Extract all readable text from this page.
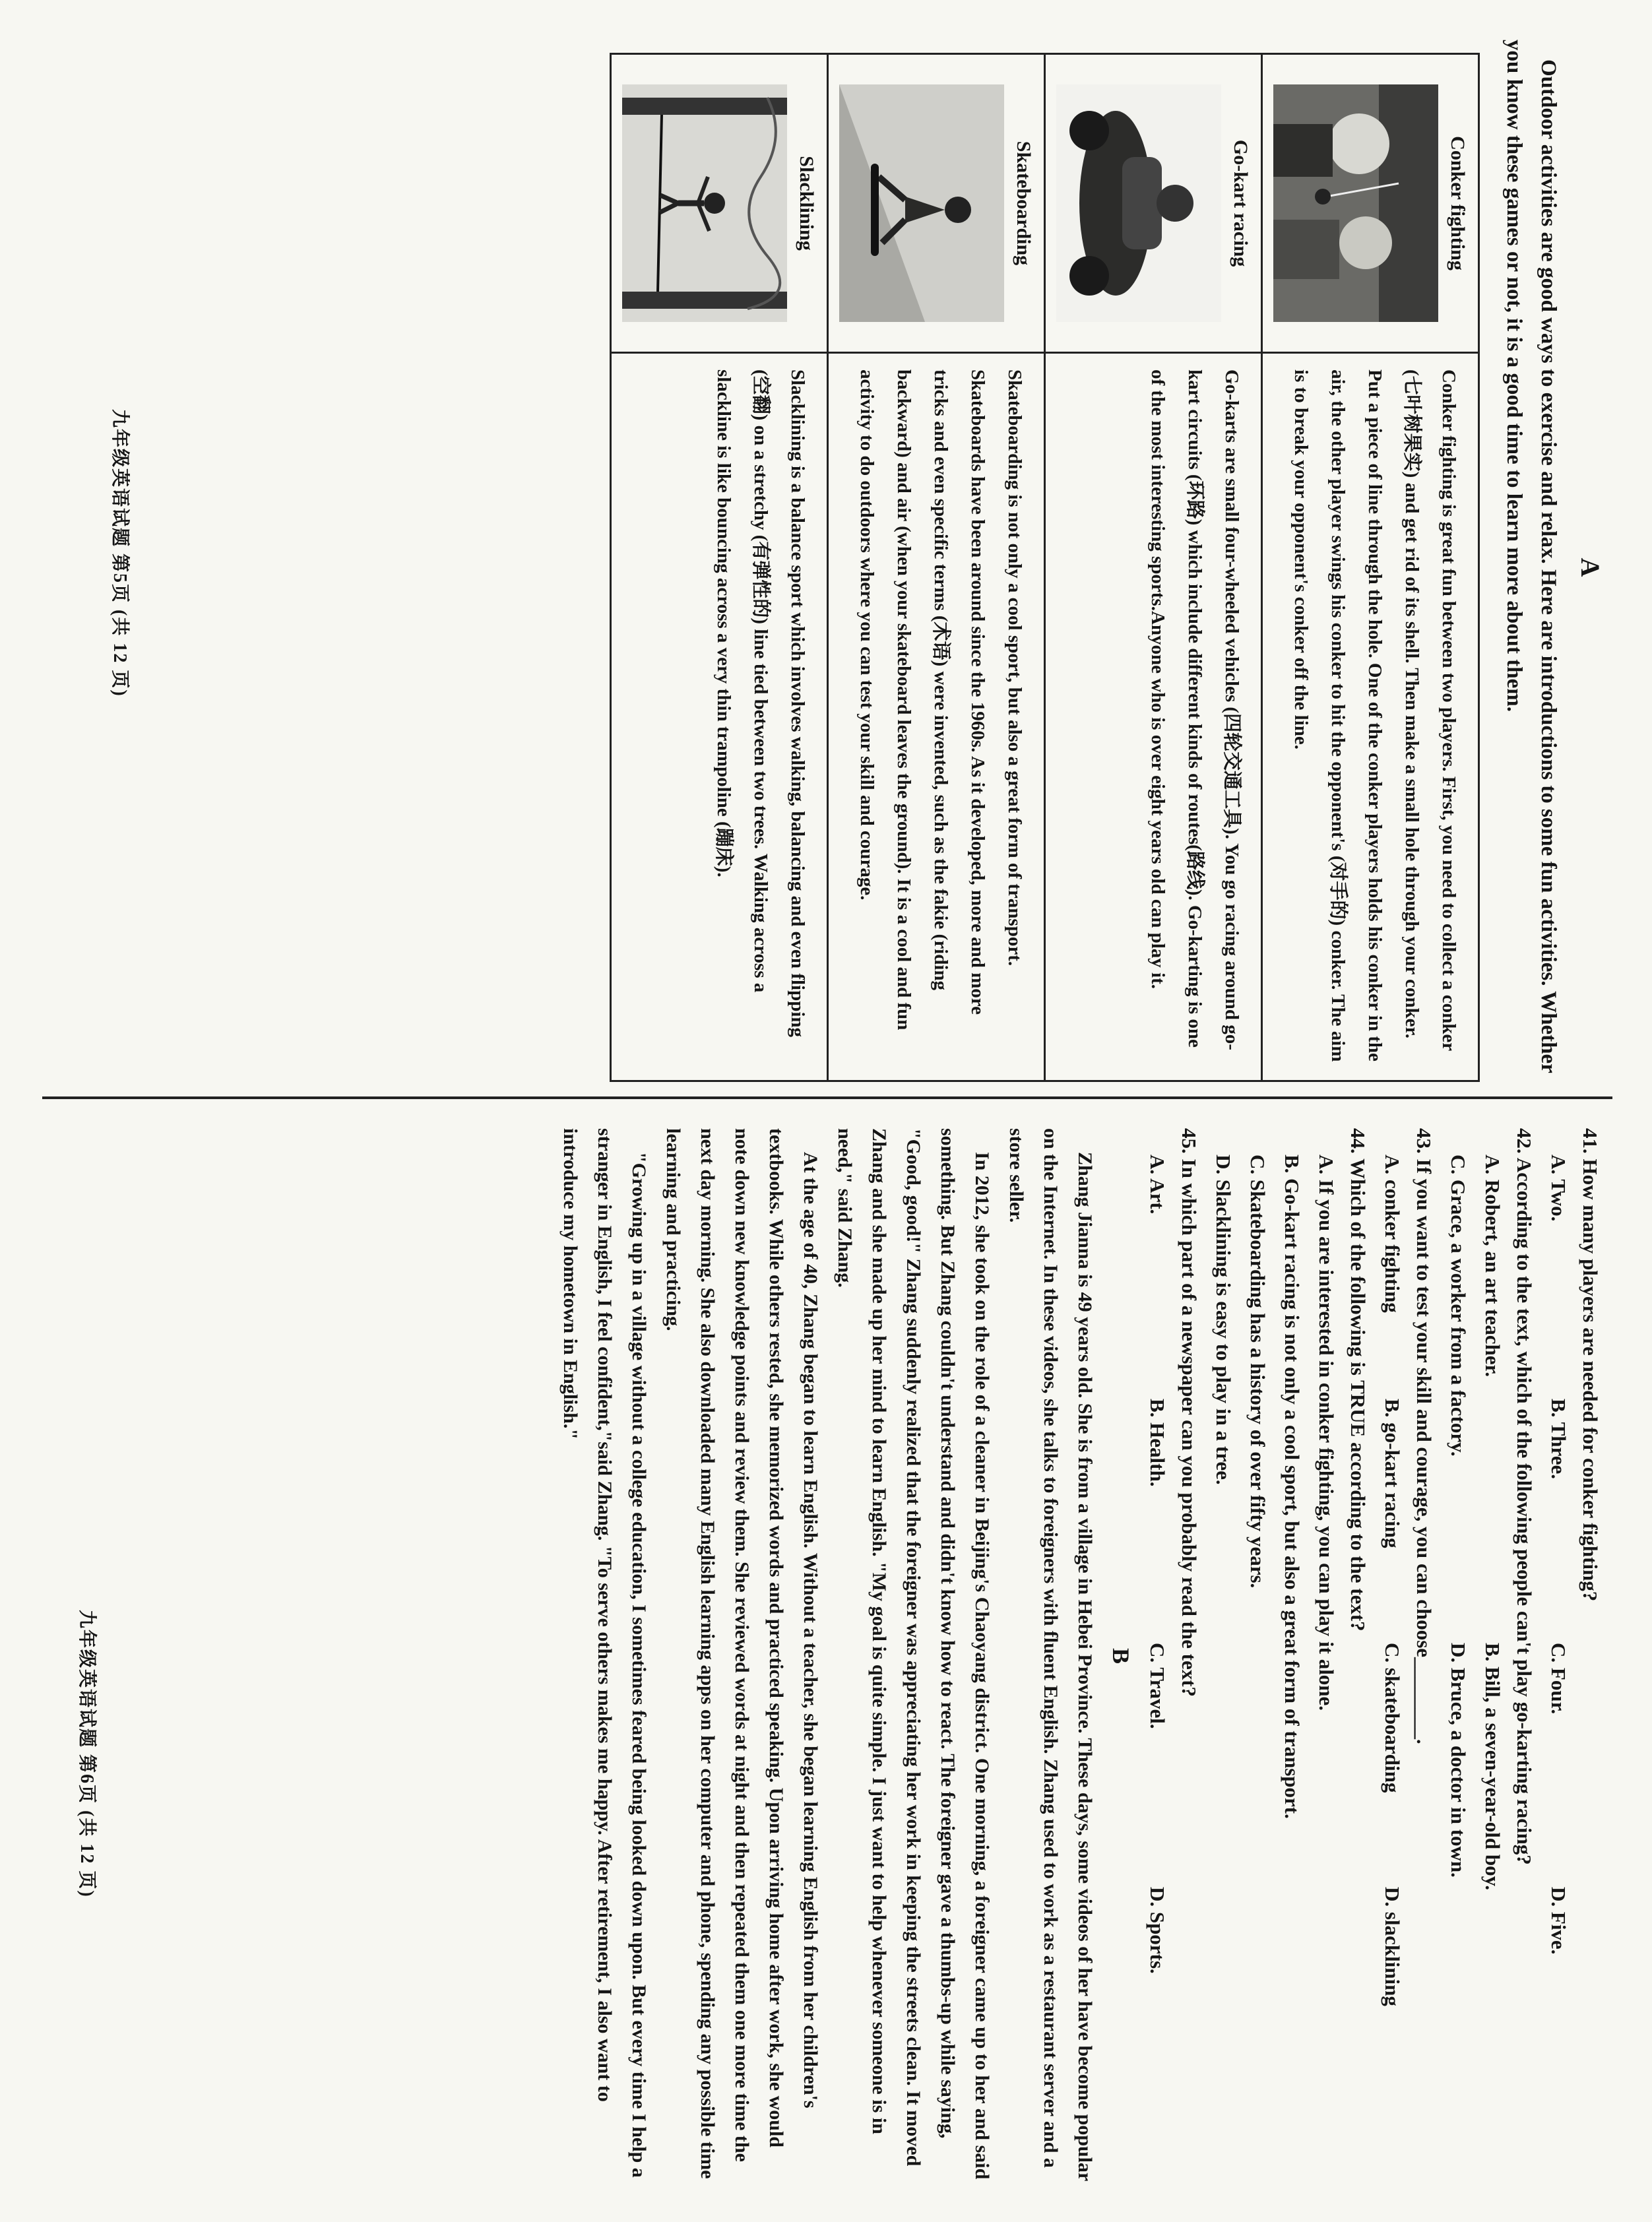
A

Outdoor activities are good ways to exercise and relax. Here are introductions to some fun activities. Whether you know these games or not, it is a good time to learn more about them.

Conker fighting	Conker fighting is great fun between two players. First, you need to collect a conker (七叶树果实) and get rid of its shell. Then make a small hole through your conker. Put a piece of line through the hole. One of the conker players holds his conker in the air, the other player swings his conker to hit the opponent's (对手的) conker. The aim is to break your opponent's conker off the line.

Go-kart racing	Go-karts are small four-wheeled vehicles (四轮交通工具). You go racing around go-kart circuits (环路) which include different kinds of routes(路线). Go-karting is one of the most interesting sports.Anyone who is over eight years old can play it.

Skateboarding	Skateboarding is not only a cool sport, but also a great form of transport. Skateboards have been around since the 1960s. As it developed, more and more tricks and even specific terms (术语) were invented, such as the fakie (riding backward) and air (when your skateboard leaves the ground). It is a cool and fun activity to do outdoors where you can test your skill and courage.

Slacklining	Slacklining is a balance sport which involves walking, balancing and even flipping (空翻) on a stretchy (有弹性的) line tied between two trees. Walking across a slackline is like bouncing across a very thin trampoline (蹦床).
九年级英语试题 第5页 (共 12 页)

41. How many players are needed for conker fighting?

A. Two.
B. Three.
C. Four.
D. Five.

42. According to the text, which of the following people can't play go-karting racing?

A. Robert, an art teacher.
B. Bill, a seven-year-old boy.
C. Grace, a worker from a factory.
D. Bruce, a doctor in town.

43. If you want to test your skill and courage, you can choose________.

A. conker fighting
B. go-kart racing
C. skateboarding
D. slacklining

44. Which of the following is TRUE according to the text?

A. If you are interested in conker fighting, you can play it alone.
B. Go-kart racing is not only a cool sport, but also a great form of transport.
C. Skateboarding has a history of over fifty years.
D. Slacklining is easy to play in a tree.

45. In which part of a newspaper can you probably read the text?

A. Art.
B. Health.
C. Travel.
D. Sports.
B

Zhang Jianna is 49 years old. She is from a village in Hebei Province. These days, some videos of her have become popular on the Internet. In these videos, she talks to foreigners with fluent English. Zhang used to work as a restaurant server and a store seller.

In 2012, she took on the role of a cleaner in Beijing's Chaoyang district. One morning, a foreigner came up to her and said something. But Zhang couldn't understand and didn't know how to react. The foreigner gave a thumbs-up while saying, "Good, good!" Zhang suddenly realized that the foreigner was appreciating her work in keeping the streets clean. It moved Zhang and she made up her mind to learn English. "My goal is quite simple. I just want to help whenever someone is in need," said Zhang.

At the age of 40, Zhang began to learn English. Without a teacher, she began learning English from her children's textbooks. While others rested, she memorized words and practiced speaking. Upon arriving home after work, she would note down new knowledge points and review them. She reviewed words at night and then repeated them one more time the next day morning. She also downloaded many English learning apps on her computer and phone, spending any possible time learning and practicing.

"Growing up in a village without a college education, I sometimes feared being looked down upon. But every time I help a stranger in English, I feel confident,"said Zhang. "To serve others makes me happy. After retirement, I also want to introduce my hometown in English."

九年级英语试题 第6页 (共 12 页)
